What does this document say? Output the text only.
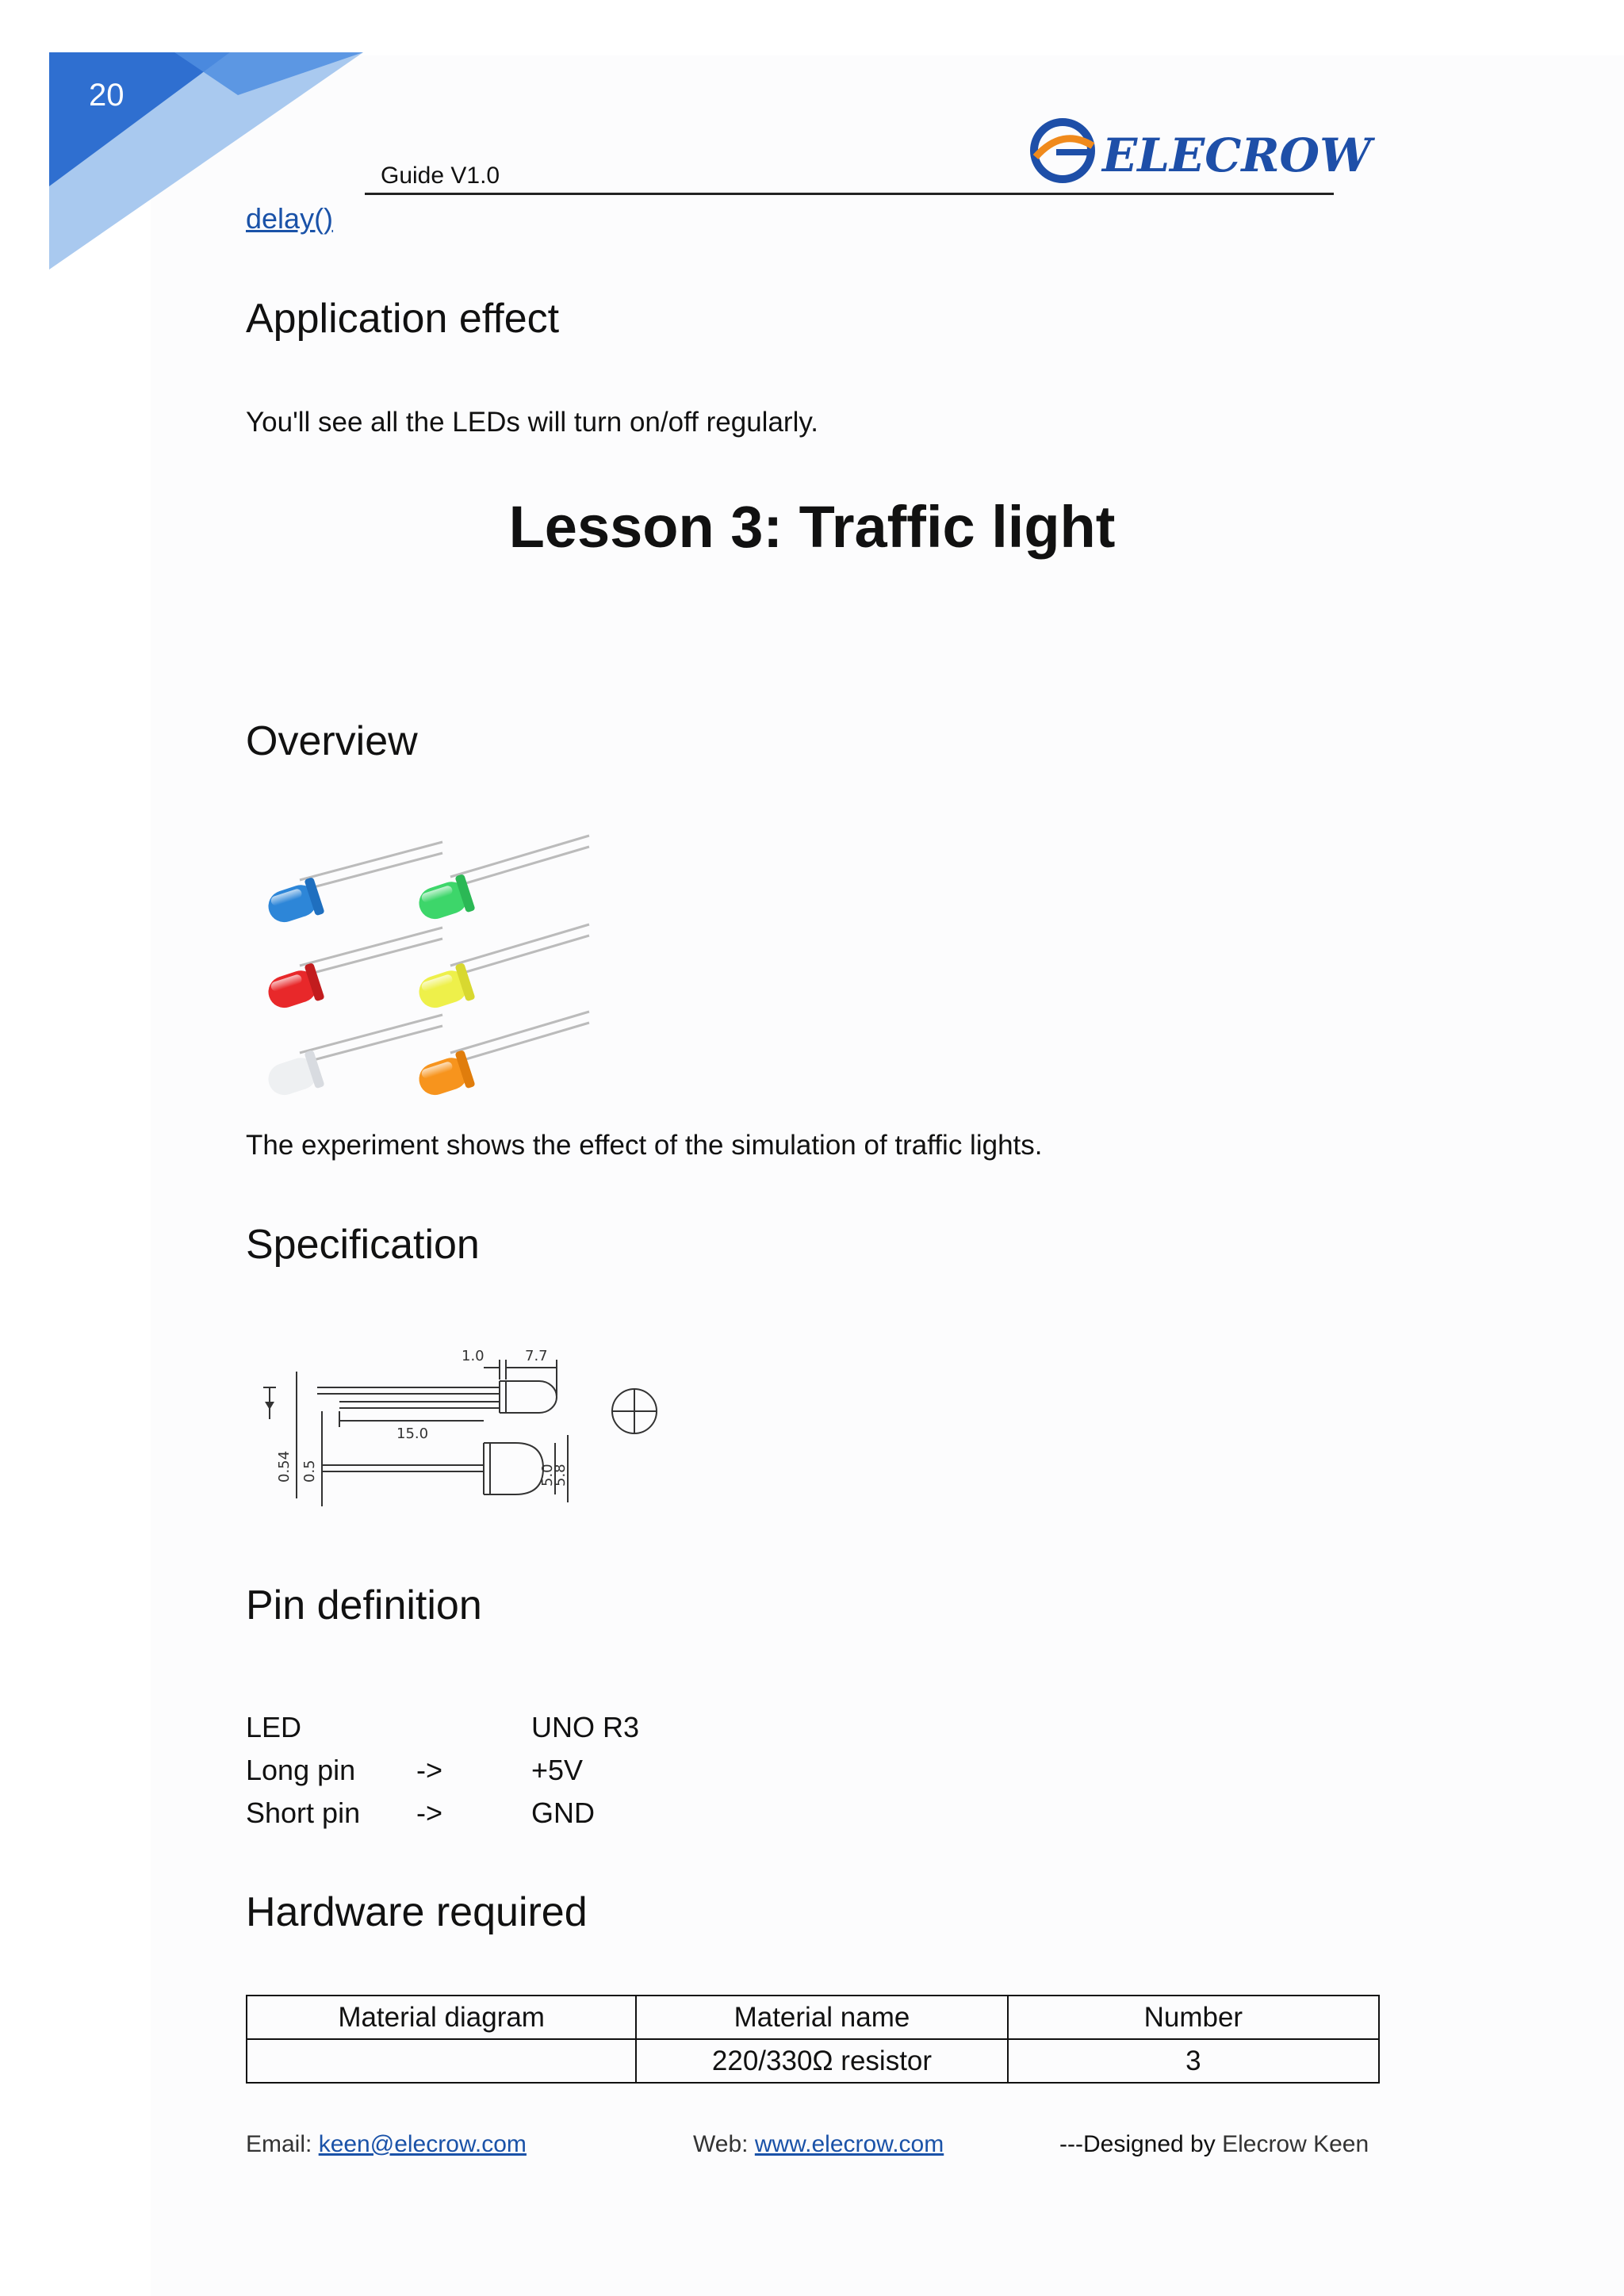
20
Guide V1.0	ELECROW
delay()
Application effect
You'll see all the LEDs will turn on/off regularly.
Lesson 3: Traffic light
Overview
The experiment shows the effect of the simulation of traffic lights.
Specification
1.0	7.7
15.0
0.54 0.5	5.0
5.8
Pin definition
LED	UNO R3
Long pin ->	+5V
Short pin ->	GND
Hardware required
Material diagram	Material name	Number
	220/330Ω resistor	3
Email: keen@elecrow.com	Web: www.elecrow.com	---Designed by Elecrow Keen
